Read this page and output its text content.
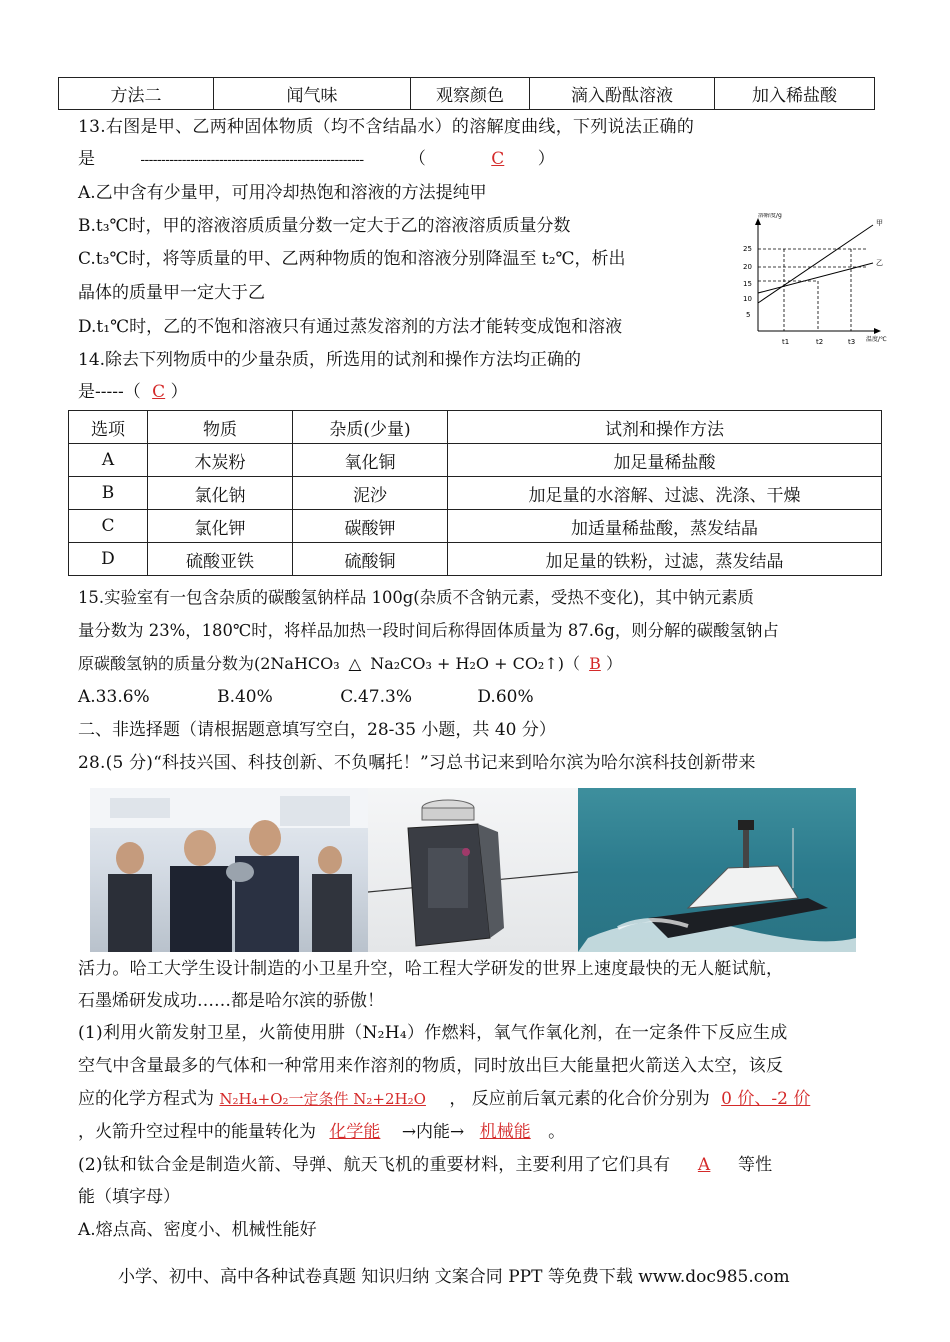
方法二	闻气味	观察颜色	滴入酚酞溶液	加入稀盐酸
13.右图是甲、乙两种固体物质（均不含结晶水）的溶解度曲线，下列说法正确的
是	------------------------------------------------------	（	C ）
A.乙中含有少量甲，可用冷却热饱和溶液的方法提纯甲
B.t₃℃时，甲的溶液溶质质量分数一定大于乙的溶液溶质质量分数
C.t₃℃时，将等质量的甲、乙两种物质的饱和溶液分别降温至 t₂℃，析出
晶体的质量甲一定大于乙
D.t₁℃时，乙的不饱和溶液只有通过蒸发溶剂的方法才能转变成饱和溶液
溶解度/g
温度/℃
25
20
15
10
5
甲
乙
t1	t2	t3
14.除去下列物质中的少量杂质，所选用的试剂和操作方法均正确的
是-----（ C ）
选项	物质	杂质(少量)	试剂和操作方法
A	木炭粉	氧化铜	加足量稀盐酸
B	氯化钠	泥沙	加足量的水溶解、过滤、洗涤、干燥
C	氯化钾	碳酸钾	加适量稀盐酸，蒸发结晶
D	硫酸亚铁	硫酸铜	加足量的铁粉，过滤，蒸发结晶
15.实验室有一包含杂质的碳酸氢钠样品 100g(杂质不含钠元素，受热不变化)，其中钠元素质
量分数为 23%，180℃时，将样品加热一段时间后称得固体质量为 87.6g，则分解的碳酸氢钠占
原碳酸氢钠的质量分数为(2NaHCO₃ △ Na₂CO₃ + H₂O + CO₂↑)（ B ）
A.33.6%	B.40%	C.47.3%	D.60%
二、非选择题（请根据题意填写空白，28-35 小题，共 40 分）
28.(5 分)“科技兴国、科技创新、不负嘱托！”习总书记来到哈尔滨为哈尔滨科技创新带来
活力。哈工大学生设计制造的小卫星升空，哈工程大学研发的世界上速度最快的无人艇试航，
石墨烯研发成功……都是哈尔滨的骄傲！
(1)利用火箭发射卫星，火箭使用肼（N₂H₄）作燃料，氧气作氧化剂，在一定条件下反应生成
空气中含量最多的气体和一种常用来作溶剂的物质，同时放出巨大能量把火箭送入太空，该反
应的化学方程式为 N₂H₄+O₂一定条件 N₂+2H₂O ， 反应前后氧元素的化合价分别为 0 价、-2 价
，火箭升空过程中的能量转化为 化学能 →内能→ 机械能 。
(2)钛和钛合金是制造火箭、导弹、航天飞机的重要材料，主要利用了它们具有 A 等性
能（填字母）
A.熔点高、密度小、机械性能好
小学、初中、高中各种试卷真题 知识归纳 文案合同 PPT 等免费下载 www.doc985.com
